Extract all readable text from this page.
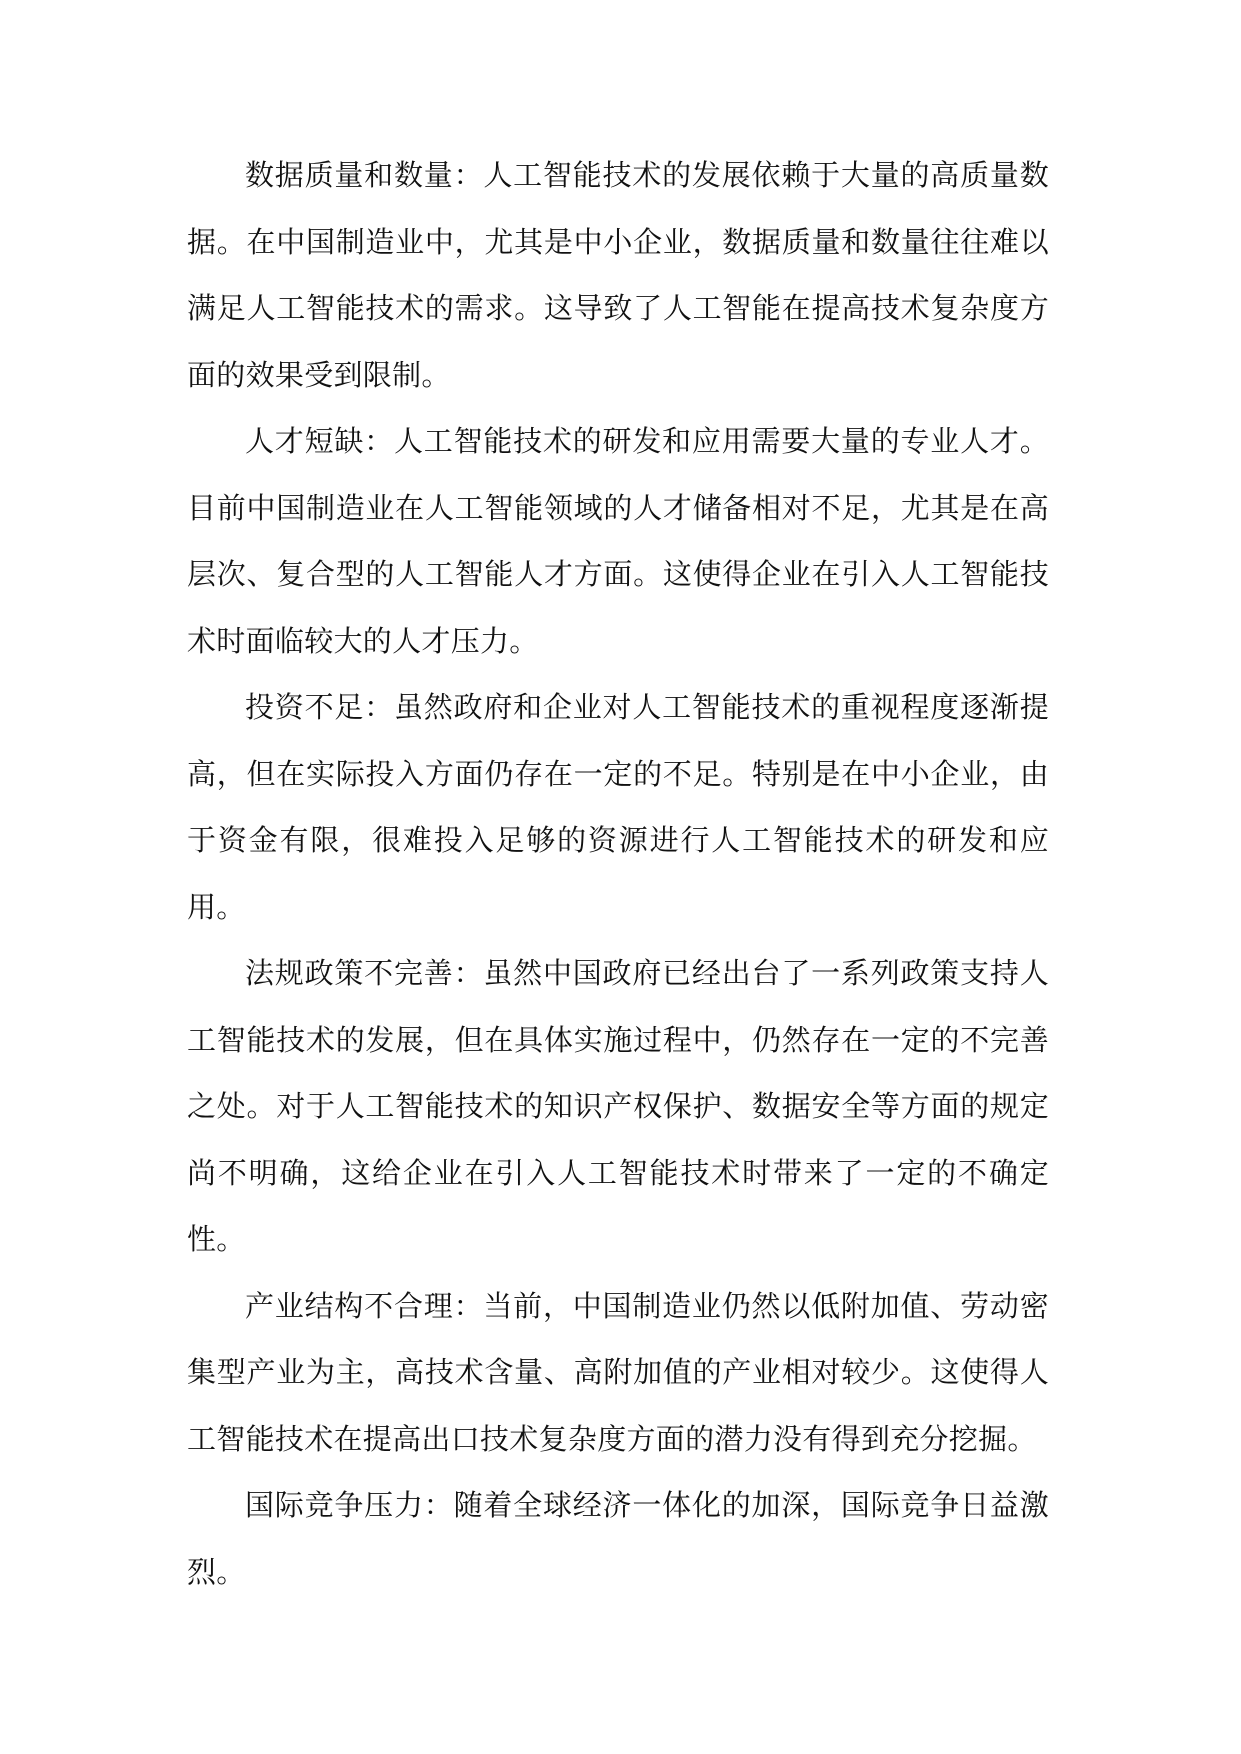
数据质量和数量：人工智能技术的发展依赖于大量的高质量数据。在中国制造业中，尤其是中小企业，数据质量和数量往往难以满足人工智能技术的需求。这导致了人工智能在提高技术复杂度方面的效果受到限制。

人才短缺：人工智能技术的研发和应用需要大量的专业人才。目前中国制造业在人工智能领域的人才储备相对不足，尤其是在高层次、复合型的人工智能人才方面。这使得企业在引入人工智能技术时面临较大的人才压力。

投资不足：虽然政府和企业对人工智能技术的重视程度逐渐提高，但在实际投入方面仍存在一定的不足。特别是在中小企业，由于资金有限，很难投入足够的资源进行人工智能技术的研发和应用。

法规政策不完善：虽然中国政府已经出台了一系列政策支持人工智能技术的发展，但在具体实施过程中，仍然存在一定的不完善之处。对于人工智能技术的知识产权保护、数据安全等方面的规定尚不明确，这给企业在引入人工智能技术时带来了一定的不确定性。

产业结构不合理：当前，中国制造业仍然以低附加值、劳动密集型产业为主，高技术含量、高附加值的产业相对较少。这使得人工智能技术在提高出口技术复杂度方面的潜力没有得到充分挖掘。

国际竞争压力：随着全球经济一体化的加深，国际竞争日益激烈。
